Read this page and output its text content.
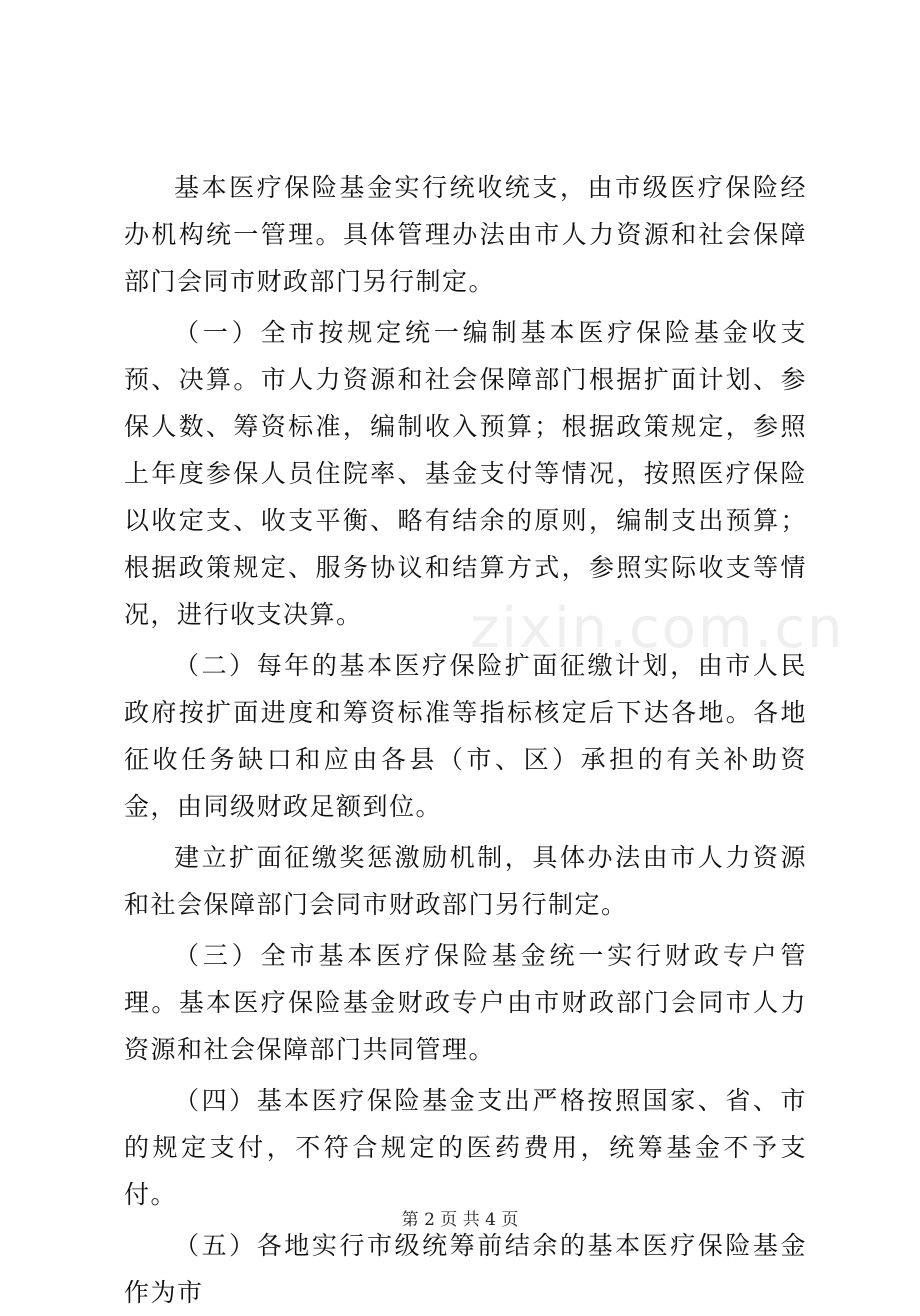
基本医疗保险基金实行统收统支，由市级医疗保险经办机构统一管理。具体管理办法由市人力资源和社会保障部门会同市财政部门另行制定。

（一）全市按规定统一编制基本医疗保险基金收支预、决算。市人力资源和社会保障部门根据扩面计划、参保人数、筹资标准，编制收入预算；根据政策规定，参照上年度参保人员住院率、基金支付等情况，按照医疗保险以收定支、收支平衡、略有结余的原则，编制支出预算；根据政策规定、服务协议和结算方式，参照实际收支等情况，进行收支决算。

（二）每年的基本医疗保险扩面征缴计划，由市人民政府按扩面进度和筹资标准等指标核定后下达各地。各地征收任务缺口和应由各县（市、区）承担的有关补助资金，由同级财政足额到位。

建立扩面征缴奖惩激励机制，具体办法由市人力资源和社会保障部门会同市财政部门另行制定。

（三）全市基本医疗保险基金统一实行财政专户管理。基本医疗保险基金财政专户由市财政部门会同市人力资源和社会保障部门共同管理。

（四）基本医疗保险基金支出严格按照国家、省、市的规定支付，不符合规定的医药费用，统筹基金不予支付。

（五）各地实行市级统筹前结余的基本医疗保险基金作为市

zixin.com.cn
第 2 页 共 4 页
